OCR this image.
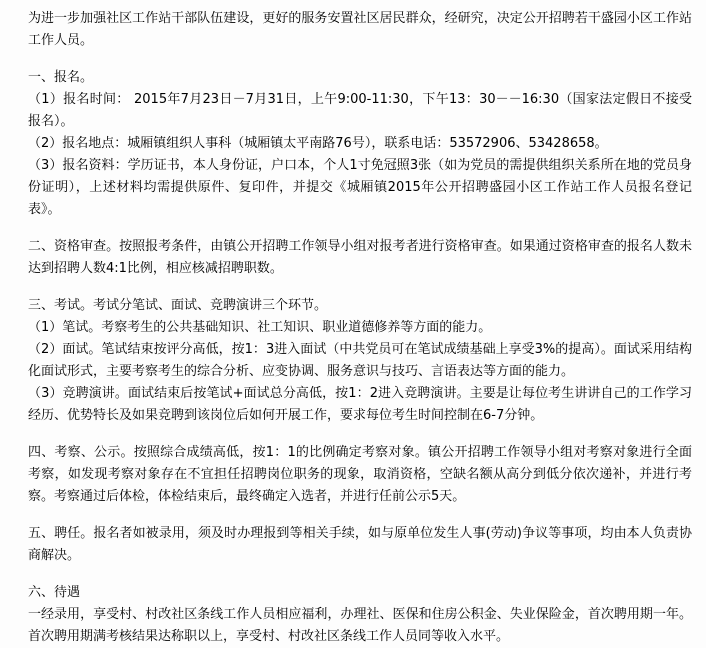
为进一步加强社区工作站干部队伍建设，更好的服务安置社区居民群众，经研究，决定公开招聘若干盛园小区工作站工作人员。

一、报名。

（1）报名时间： 2015年7月23日－7月31日，上午9:00-11:30，下午13：30－－16:30（国家法定假日不接受报名）。

（2）报名地点：城厢镇组织人事科（城厢镇太平南路76号），联系电话：53572906、53428658。

（3）报名资料：学历证书，本人身份证，户口本，个人1寸免冠照3张（如为党员的需提供组织关系所在地的党员身份证明），上述材料均需提供原件、复印件，并提交《城厢镇2015年公开招聘盛园小区工作站工作人员报名登记表》。

二、资格审查。按照报考条件，由镇公开招聘工作领导小组对报考者进行资格审查。如果通过资格审查的报名人数未达到招聘人数4:1比例，相应核减招聘职数。

三、考试。考试分笔试、面试、竞聘演讲三个环节。

（1）笔试。考察考生的公共基础知识、社工知识、职业道德修养等方面的能力。

（2）面试。笔试结束按评分高低，按1：3进入面试（中共党员可在笔试成绩基础上享受3%的提高）。面试采用结构化面试形式，主要考察考生的综合分析、应变协调、服务意识与技巧、言语表达等方面的能力。

（3）竞聘演讲。面试结束后按笔试+面试总分高低，按1：2进入竞聘演讲。主要是让每位考生讲讲自己的工作学习经历、优势特长及如果竞聘到该岗位后如何开展工作，要求每位考生时间控制在6-7分钟。

四、考察、公示。按照综合成绩高低，按1：1的比例确定考察对象。镇公开招聘工作领导小组对考察对象进行全面考察，如发现考察对象存在不宜担任招聘岗位职务的现象，取消资格，空缺名额从高分到低分依次递补，并进行考察。考察通过后体检，体检结束后，最终确定入选者，并进行任前公示5天。

五、聘任。报名者如被录用，须及时办理报到等相关手续，如与原单位发生人事(劳动)争议等事项，均由本人负责协商解决。

六、待遇

一经录用，享受村、村改社区条线工作人员相应福利，办理社、医保和住房公积金、失业保险金，首次聘用期一年。首次聘用期满考核结果达称职以上，享受村、村改社区条线工作人员同等收入水平。
